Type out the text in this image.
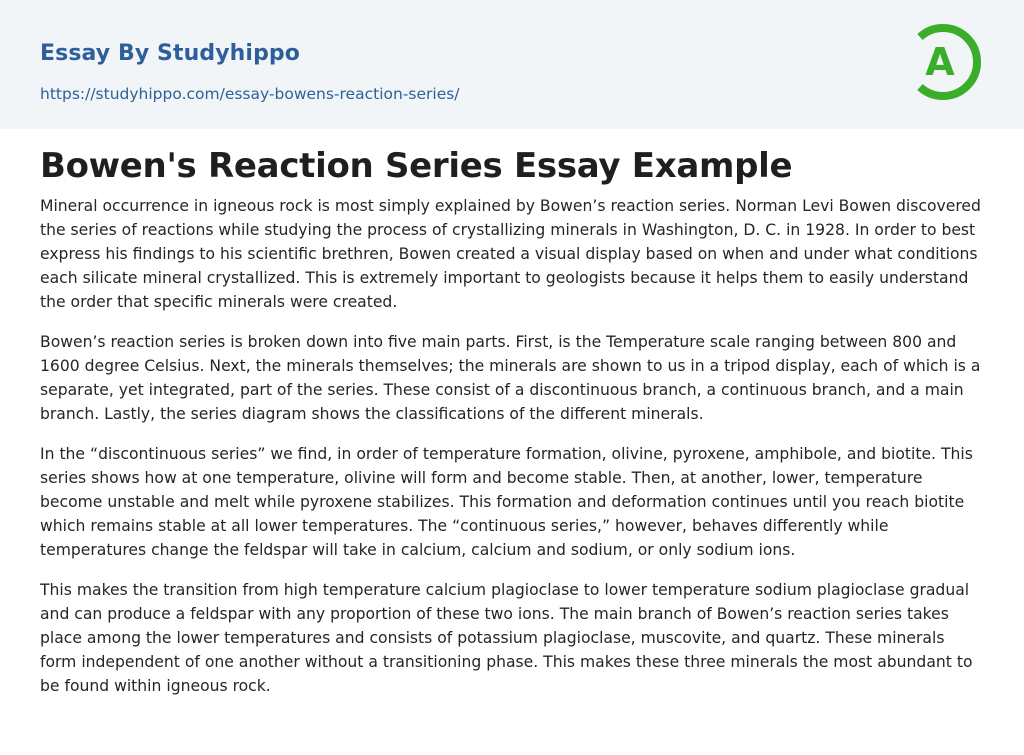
Essay By Studyhippo
https://studyhippo.com/essay-bowens-reaction-series/
A
Bowen's Reaction Series Essay Example

Mineral occurrence in igneous rock is most simply explained by Bowen’s reaction series. Norman Levi Bowen discovered the series of reactions while studying the process of crystallizing minerals in Washington, D. C. in 1928. In order to best express his findings to his scientific brethren, Bowen created a visual display based on when and under what conditions each silicate mineral crystallized. This is extremely important to geologists because it helps them to easily understand the order that specific minerals were created.

Bowen’s reaction series is broken down into five main parts. First, is the Temperature scale ranging between 800 and 1600 degree Celsius. Next, the minerals themselves; the minerals are shown to us in a tripod display, each of which is a separate, yet integrated, part of the series. These consist of a discontinuous branch, a continuous branch, and a main branch. Lastly, the series diagram shows the classifications of the different minerals.

In the “discontinuous series” we find, in order of temperature formation, olivine, pyroxene, amphibole, and biotite. This series shows how at one temperature, olivine will form and become stable. Then, at another, lower, temperature become unstable and melt while pyroxene stabilizes. This formation and deformation continues until you reach biotite which remains stable at all lower temperatures. The “continuous series,” however, behaves differently while temperatures change the feldspar will take in calcium, calcium and sodium, or only sodium ions.

This makes the transition from high temperature calcium plagioclase to lower temperature sodium plagioclase gradual and can produce a feldspar with any proportion of these two ions. The main branch of Bowen’s reaction series takes place among the lower temperatures and consists of potassium plagioclase, muscovite, and quartz. These minerals form independent of one another without a transitioning phase. This makes these three minerals the most abundant to be found within igneous rock.
